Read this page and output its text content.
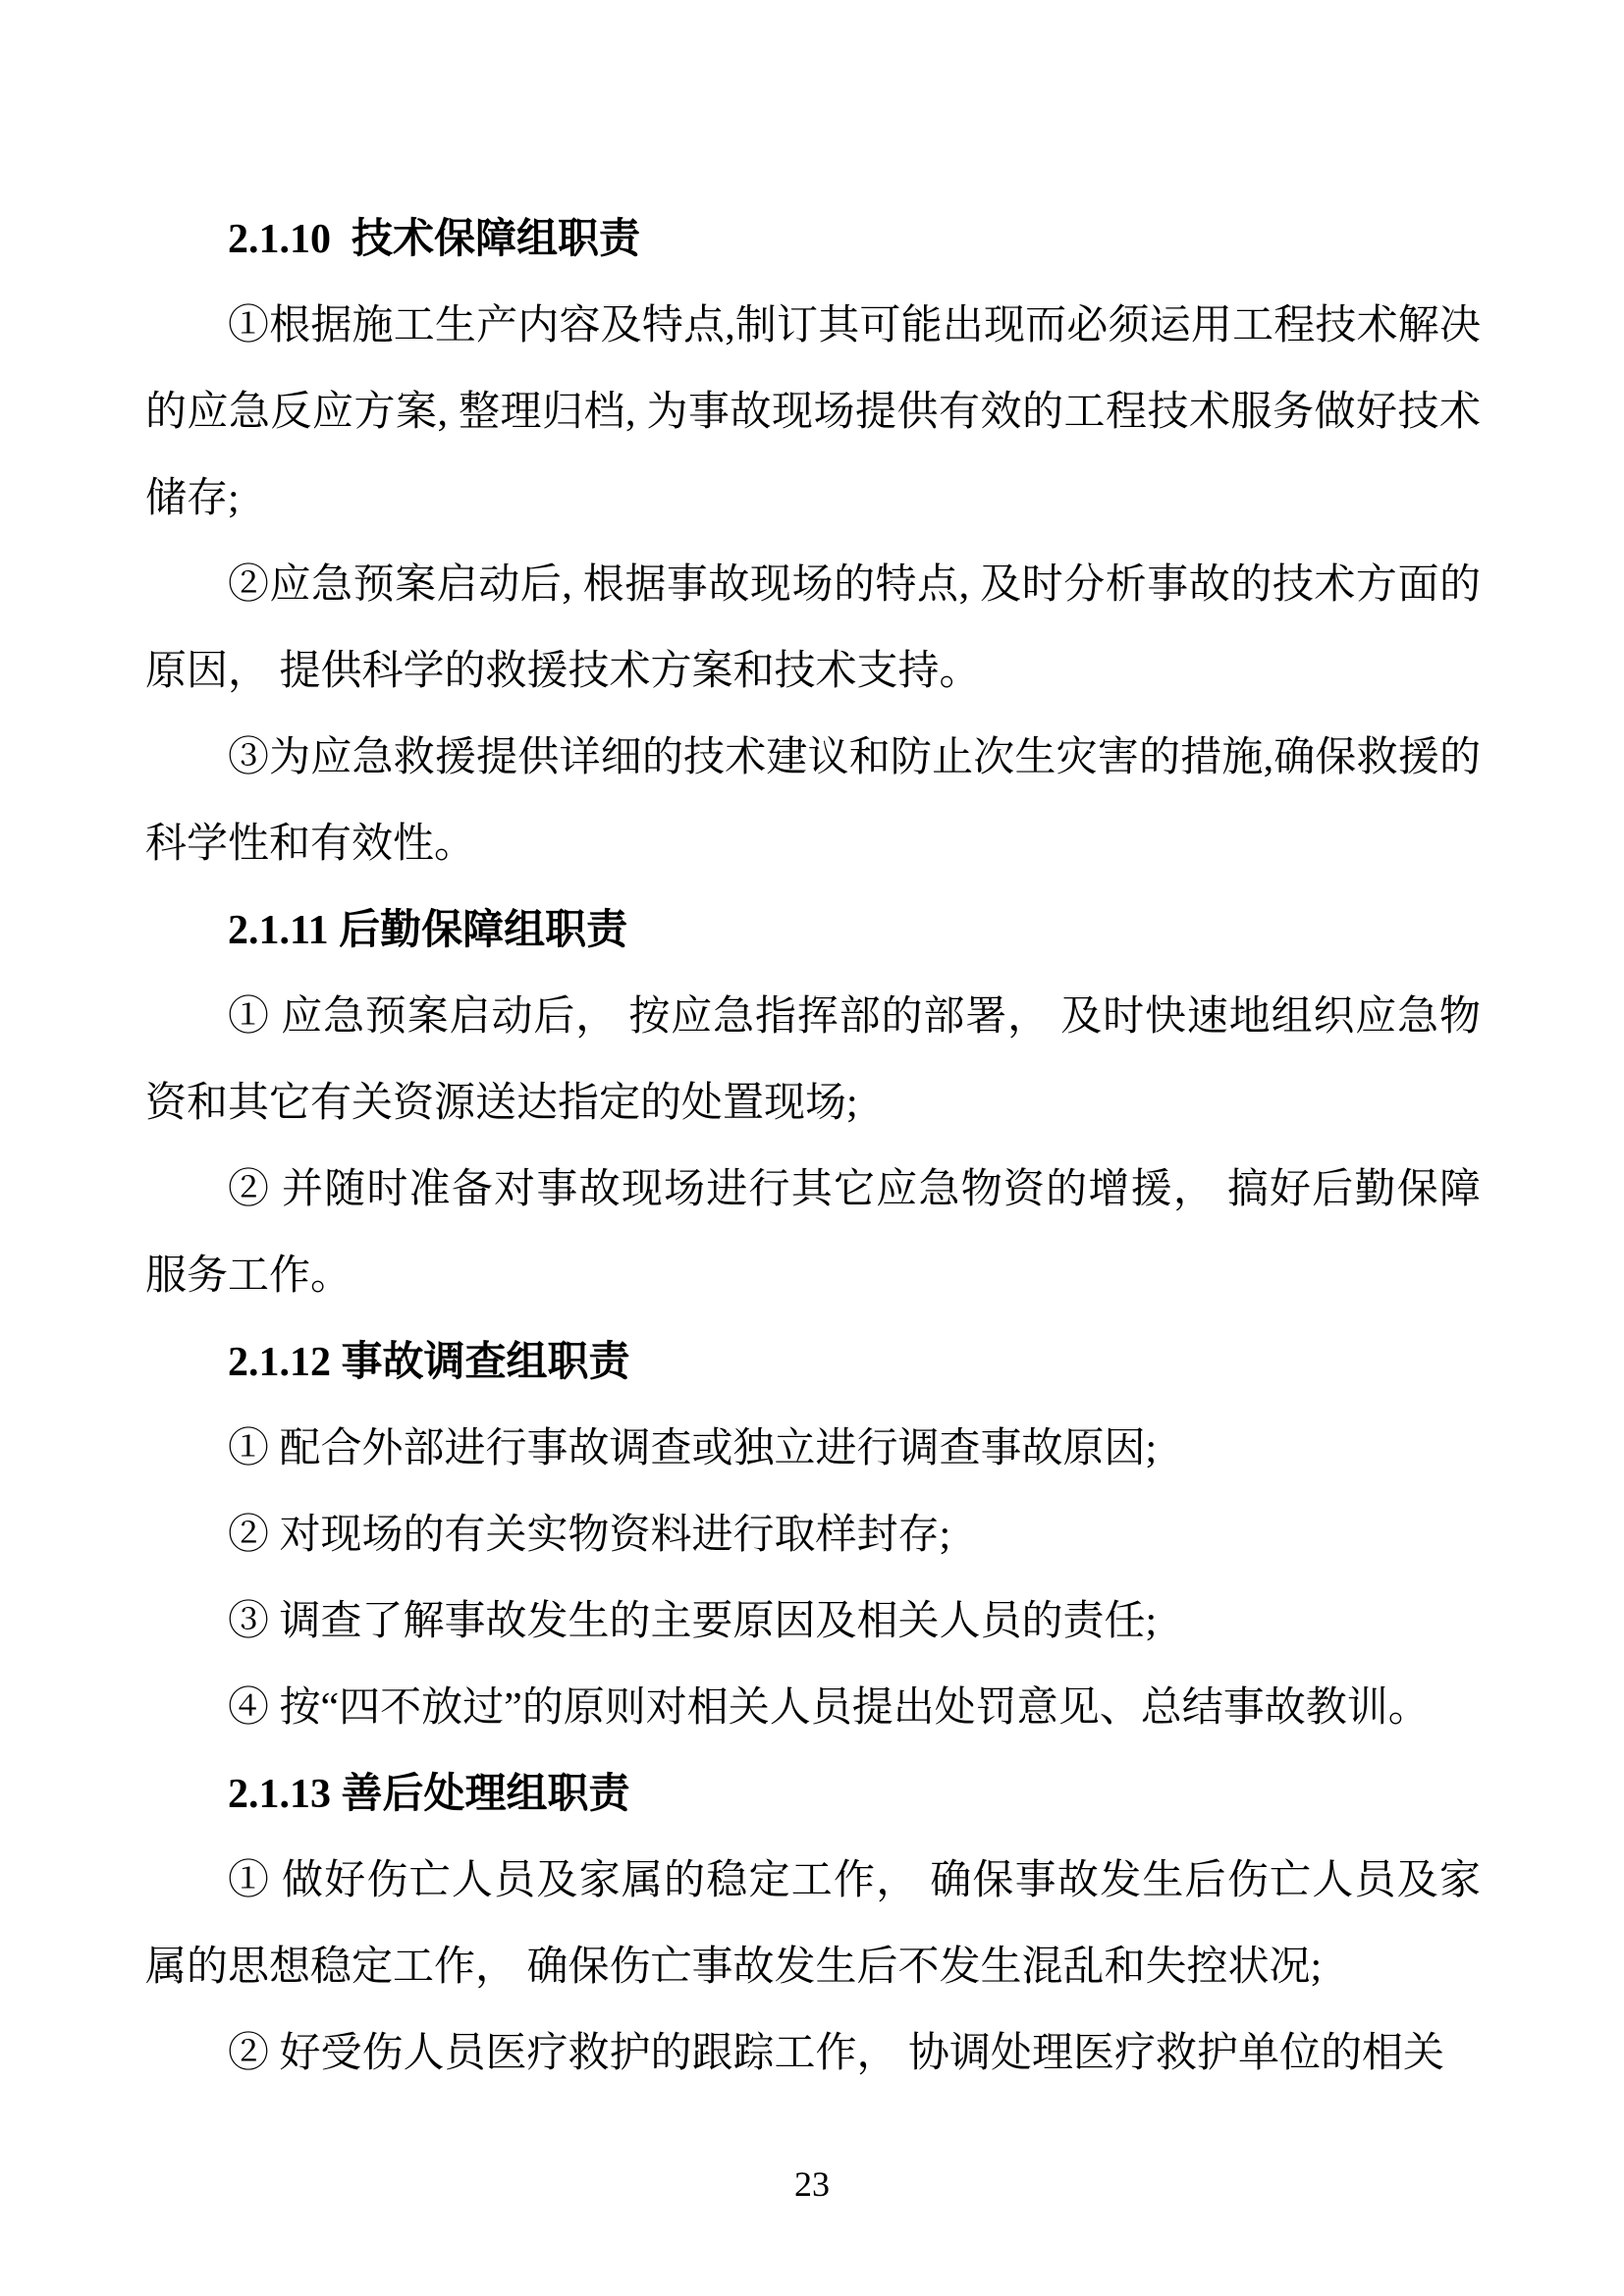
2.1.10  技术保障组职责

①根据施工生产内容及特点,制订其可能出现而必须运用工程技术解决的应急反应方案, 整理归档, 为事故现场提供有效的工程技术服务做好技术储存;

②应急预案启动后, 根据事故现场的特点, 及时分析事故的技术方面的原因， 提供科学的救援技术方案和技术支持。

③为应急救援提供详细的技术建议和防止次生灾害的措施,确保救援的科学性和有效性。

2.1.11 后勤保障组职责

① 应急预案启动后， 按应急指挥部的部署， 及时快速地组织应急物资和其它有关资源送达指定的处置现场;

② 并随时准备对事故现场进行其它应急物资的增援， 搞好后勤保障服务工作。

2.1.12 事故调查组职责

① 配合外部进行事故调查或独立进行调查事故原因;

② 对现场的有关实物资料进行取样封存;

③ 调查了解事故发生的主要原因及相关人员的责任;

④ 按“四不放过”的原则对相关人员提出处罚意见、总结事故教训。

2.1.13 善后处理组职责

① 做好伤亡人员及家属的稳定工作， 确保事故发生后伤亡人员及家属的思想稳定工作， 确保伤亡事故发生后不发生混乱和失控状况;

② 好受伤人员医疗救护的跟踪工作， 协调处理医疗救护单位的相关

23
